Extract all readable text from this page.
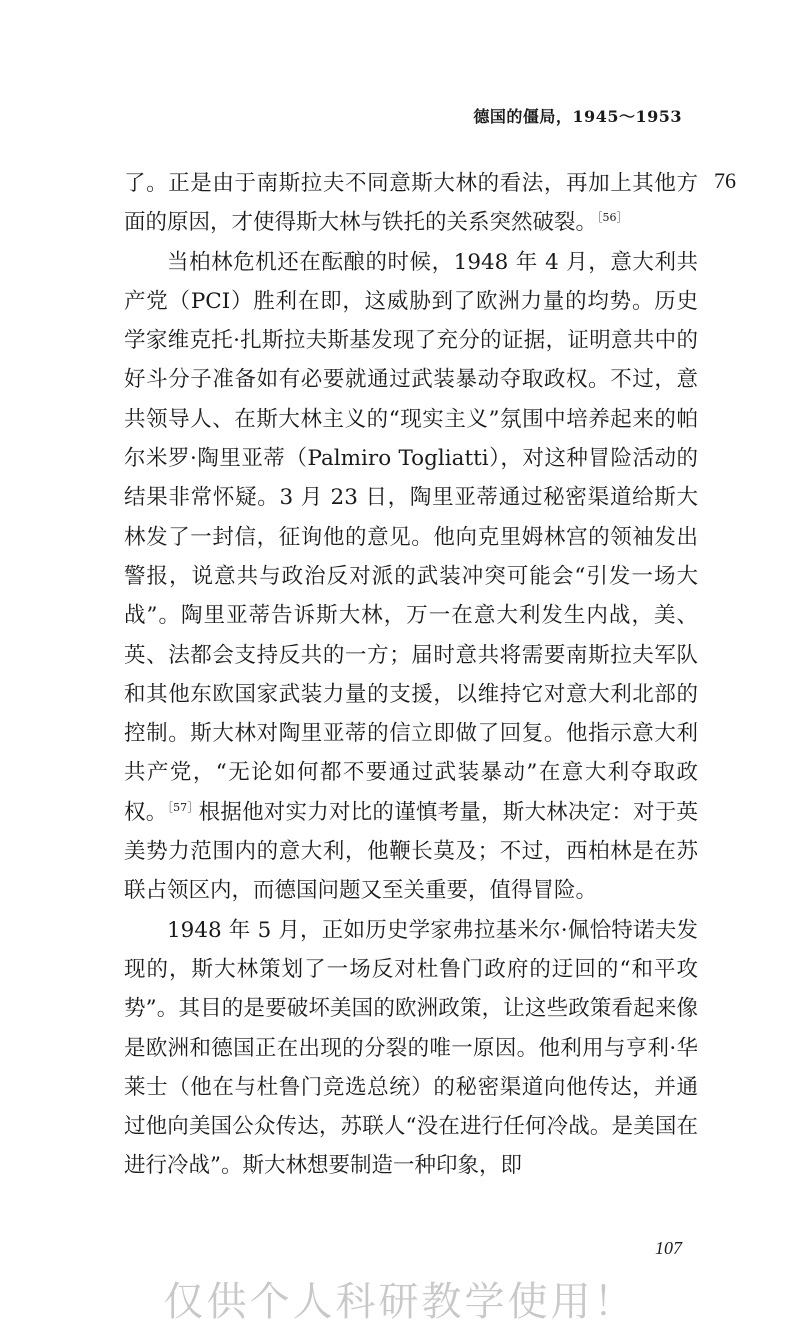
德国的僵局，1945～1953
76

了。正是由于南斯拉夫不同意斯大林的看法，再加上其他方面的原因，才使得斯大林与铁托的关系突然破裂。$^{[56]}$

当柏林危机还在酝酿的时候，1948 年 4 月，意大利共产党（PCI）胜利在即，这威胁到了欧洲力量的均势。历史学家维克托·扎斯拉夫斯基发现了充分的证据，证明意共中的好斗分子准备如有必要就通过武装暴动夺取政权。不过，意共领导人、在斯大林主义的“现实主义”氛围中培养起来的帕尔米罗·陶里亚蒂（Palmiro Togliatti），对这种冒险活动的结果非常怀疑。3 月 23 日，陶里亚蒂通过秘密渠道给斯大林发了一封信，征询他的意见。他向克里姆林宫的领袖发出警报，说意共与政治反对派的武装冲突可能会“引发一场大战”。陶里亚蒂告诉斯大林，万一在意大利发生内战，美、英、法都会支持反共的一方；届时意共将需要南斯拉夫军队和其他东欧国家武装力量的支援，以维持它对意大利北部的控制。斯大林对陶里亚蒂的信立即做了回复。他指示意大利共产党，“无论如何都不要通过武装暴动”在意大利夺取政权。$^{[57]}$根据他对实力对比的谨慎考量，斯大林决定：对于英美势力范围内的意大利，他鞭长莫及；不过，西柏林是在苏联占领区内，而德国问题又至关重要，值得冒险。

1948 年 5 月，正如历史学家弗拉基米尔·佩恰特诺夫发现的，斯大林策划了一场反对杜鲁门政府的迂回的“和平攻势”。其目的是要破坏美国的欧洲政策，让这些政策看起来像是欧洲和德国正在出现的分裂的唯一原因。他利用与亨利·华莱士（他在与杜鲁门竞选总统）的秘密渠道向他传达，并通过他向美国公众传达，苏联人“没在进行任何冷战。是美国在进行冷战”。斯大林想要制造一种印象，即

107
仅供个人科研教学使用！
